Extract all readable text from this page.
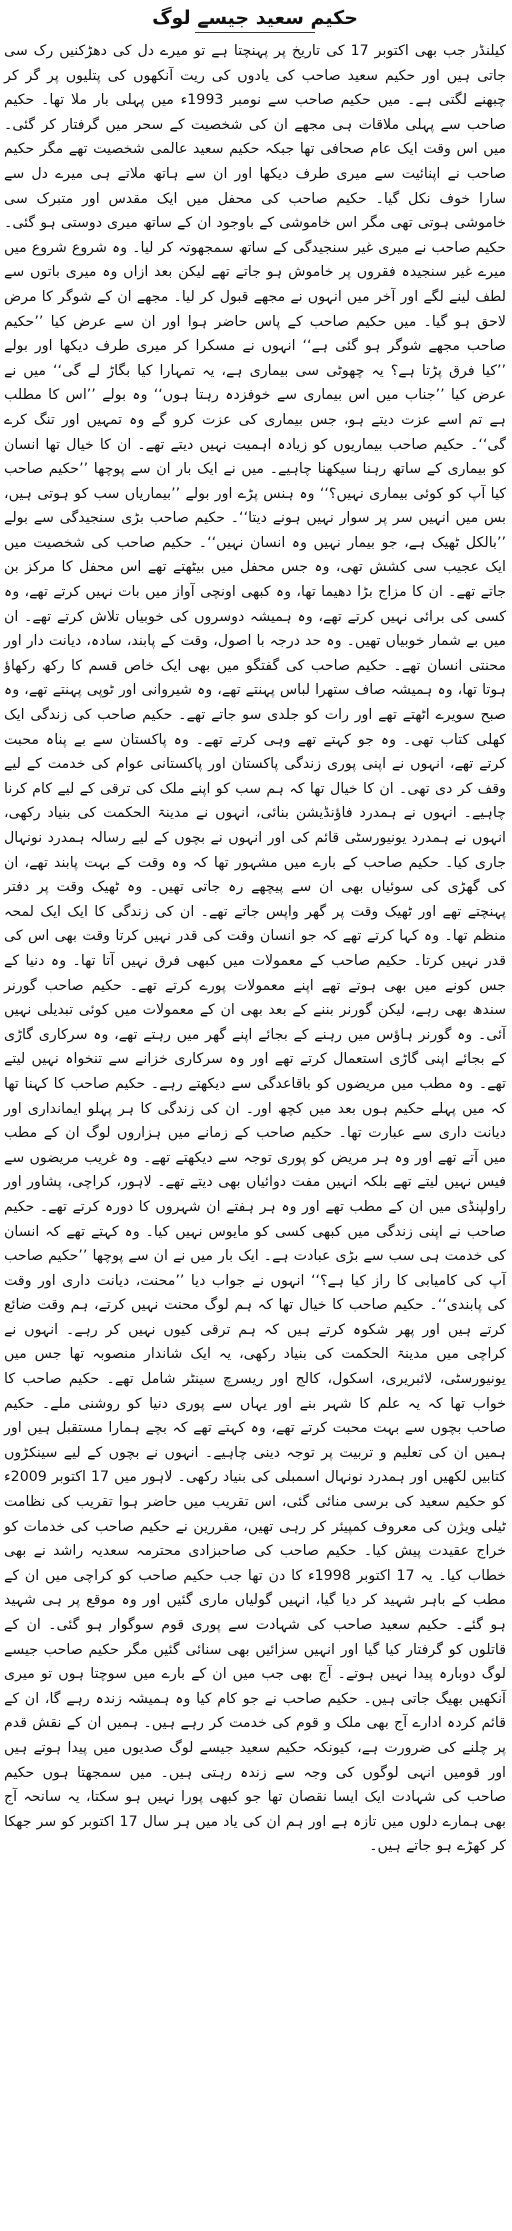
حکیم سعید جیسے لوگ

کیلنڈر جب بھی اکتوبر 17 کی تاریخ پر پہنچتا ہے تو میرے دل کی دھڑکنیں رک سی جاتی ہیں اور حکیم سعید صاحب کی یادوں کی ریت آنکھوں کی پتلیوں پر گر کر چبھنے لگتی ہے۔ میں حکیم صاحب سے نومبر 1993ء میں پہلی بار ملا تھا۔ حکیم صاحب سے پہلی ملاقات ہی مجھے ان کی شخصیت کے سحر میں گرفتار کر گئی۔ میں اس وقت ایک عام صحافی تھا جبکہ حکیم سعید عالمی شخصیت تھے مگر حکیم صاحب نے اپنائیت سے میری طرف دیکھا اور ان سے ہاتھ ملاتے ہی میرے دل سے سارا خوف نکل گیا۔ حکیم صاحب کی محفل میں ایک مقدس اور متبرک سی خاموشی ہوتی تھی مگر اس خاموشی کے باوجود ان کے ساتھ میری دوستی ہو گئی۔ حکیم صاحب نے میری غیر سنجیدگی کے ساتھ سمجھوتہ کر لیا۔ وہ شروع شروع میں میرے غیر سنجیدہ فقروں پر خاموش ہو جاتے تھے لیکن بعد ازاں وہ میری باتوں سے لطف لینے لگے اور آخر میں انہوں نے مجھے قبول کر لیا۔ مجھے ان کے شوگر کا مرض لاحق ہو گیا۔ میں حکیم صاحب کے پاس حاضر ہوا اور ان سے عرض کیا ’’حکیم صاحب مجھے شوگر ہو گئی ہے‘‘ انہوں نے مسکرا کر میری طرف دیکھا اور بولے ’’کیا فرق پڑتا ہے؟ یہ چھوٹی سی بیماری ہے، یہ تمہارا کیا بگاڑ لے گی‘‘ میں نے عرض کیا ’’جناب میں اس بیماری سے خوفزدہ رہتا ہوں‘‘ وہ بولے ’’اس کا مطلب ہے تم اسے عزت دیتے ہو، جس بیماری کی عزت کرو گے وہ تمہیں اور تنگ کرے گی‘‘۔ حکیم صاحب بیماریوں کو زیادہ اہمیت نہیں دیتے تھے۔ ان کا خیال تھا انسان کو بیماری کے ساتھ رہنا سیکھنا چاہیے۔ میں نے ایک بار ان سے پوچھا ’’حکیم صاحب کیا آپ کو کوئی بیماری نہیں؟‘‘ وہ ہنس پڑے اور بولے ’’بیماریاں سب کو ہوتی ہیں، بس میں انہیں سر پر سوار نہیں ہونے دیتا‘‘۔ حکیم صاحب بڑی سنجیدگی سے بولے ’’بالکل ٹھیک ہے، جو بیمار نہیں وہ انسان نہیں‘‘۔ حکیم صاحب کی شخصیت میں ایک عجیب سی کشش تھی، وہ جس محفل میں بیٹھتے تھے اس محفل کا مرکز بن جاتے تھے۔ ان کا مزاج بڑا دھیما تھا، وہ کبھی اونچی آواز میں بات نہیں کرتے تھے، وہ کسی کی برائی نہیں کرتے تھے، وہ ہمیشہ دوسروں کی خوبیاں تلاش کرتے تھے۔ ان میں بے شمار خوبیاں تھیں۔ وہ حد درجہ با اصول، وقت کے پابند، سادہ، دیانت دار اور محنتی انسان تھے۔ حکیم صاحب کی گفتگو میں بھی ایک خاص قسم کا رکھ رکھاؤ ہوتا تھا، وہ ہمیشہ صاف ستھرا لباس پہنتے تھے، وہ شیروانی اور ٹوپی پہنتے تھے، وہ صبح سویرے اٹھتے تھے اور رات کو جلدی سو جاتے تھے۔ حکیم صاحب کی زندگی ایک کھلی کتاب تھی۔ وہ جو کہتے تھے وہی کرتے تھے۔ وہ پاکستان سے بے پناہ محبت کرتے تھے، انہوں نے اپنی پوری زندگی پاکستان اور پاکستانی عوام کی خدمت کے لیے وقف کر دی تھی۔ ان کا خیال تھا کہ ہم سب کو اپنے ملک کی ترقی کے لیے کام کرنا چاہیے۔ انہوں نے ہمدرد فاؤنڈیشن بنائی، انہوں نے مدینۃ الحکمت کی بنیاد رکھی، انہوں نے ہمدرد یونیورسٹی قائم کی اور انہوں نے بچوں کے لیے رسالہ ہمدرد نونہال جاری کیا۔ حکیم صاحب کے بارے میں مشہور تھا کہ وہ وقت کے بہت پابند تھے، ان کی گھڑی کی سوئیاں بھی ان سے پیچھے رہ جاتی تھیں۔ وہ ٹھیک وقت پر دفتر پہنچتے تھے اور ٹھیک وقت پر گھر واپس جاتے تھے۔ ان کی زندگی کا ایک ایک لمحہ منظم تھا۔ وہ کہا کرتے تھے کہ جو انسان وقت کی قدر نہیں کرتا وقت بھی اس کی قدر نہیں کرتا۔ حکیم صاحب کے معمولات میں کبھی فرق نہیں آتا تھا۔ وہ دنیا کے جس کونے میں بھی ہوتے تھے اپنے معمولات پورے کرتے تھے۔ حکیم صاحب گورنر سندھ بھی رہے، لیکن گورنر بننے کے بعد بھی ان کے معمولات میں کوئی تبدیلی نہیں آئی۔ وہ گورنر ہاؤس میں رہنے کے بجائے اپنے گھر میں رہتے تھے، وہ سرکاری گاڑی کے بجائے اپنی گاڑی استعمال کرتے تھے اور وہ سرکاری خزانے سے تنخواہ نہیں لیتے تھے۔ وہ مطب میں مریضوں کو باقاعدگی سے دیکھتے رہے۔ حکیم صاحب کا کہنا تھا کہ میں پہلے حکیم ہوں بعد میں کچھ اور۔ ان کی زندگی کا ہر پہلو ایمانداری اور دیانت داری سے عبارت تھا۔ حکیم صاحب کے زمانے میں ہزاروں لوگ ان کے مطب میں آتے تھے اور وہ ہر مریض کو پوری توجہ سے دیکھتے تھے۔ وہ غریب مریضوں سے فیس نہیں لیتے تھے بلکہ انہیں مفت دوائیاں بھی دیتے تھے۔ لاہور، کراچی، پشاور اور راولپنڈی میں ان کے مطب تھے اور وہ ہر ہفتے ان شہروں کا دورہ کرتے تھے۔ حکیم صاحب نے اپنی زندگی میں کبھی کسی کو مایوس نہیں کیا۔ وہ کہتے تھے کہ انسان کی خدمت ہی سب سے بڑی عبادت ہے۔ ایک بار میں نے ان سے پوچھا ’’حکیم صاحب آپ کی کامیابی کا راز کیا ہے؟‘‘ انہوں نے جواب دیا ’’محنت، دیانت داری اور وقت کی پابندی‘‘۔ حکیم صاحب کا خیال تھا کہ ہم لوگ محنت نہیں کرتے، ہم وقت ضائع کرتے ہیں اور پھر شکوہ کرتے ہیں کہ ہم ترقی کیوں نہیں کر رہے۔ انہوں نے کراچی میں مدینۃ الحکمت کی بنیاد رکھی، یہ ایک شاندار منصوبہ تھا جس میں یونیورسٹی، لائبریری، اسکول، کالج اور ریسرچ سینٹر شامل تھے۔ حکیم صاحب کا خواب تھا کہ یہ علم کا شہر بنے اور یہاں سے پوری دنیا کو روشنی ملے۔ حکیم صاحب بچوں سے بہت محبت کرتے تھے، وہ کہتے تھے کہ بچے ہمارا مستقبل ہیں اور ہمیں ان کی تعلیم و تربیت پر توجہ دینی چاہیے۔ انہوں نے بچوں کے لیے سینکڑوں کتابیں لکھیں اور ہمدرد نونہال اسمبلی کی بنیاد رکھی۔ لاہور میں 17 اکتوبر 2009ء کو حکیم سعید کی برسی منائی گئی، اس تقریب میں حاضر ہوا تقریب کی نظامت ٹیلی ویژن کی معروف کمپیئر کر رہی تھیں، مقررین نے حکیم صاحب کی خدمات کو خراج عقیدت پیش کیا۔ حکیم صاحب کی صاحبزادی محترمہ سعدیہ راشد نے بھی خطاب کیا۔ یہ 17 اکتوبر 1998ء کا دن تھا جب حکیم صاحب کو کراچی میں ان کے مطب کے باہر شہید کر دیا گیا، انہیں گولیاں ماری گئیں اور وہ موقع پر ہی شہید ہو گئے۔ حکیم سعید صاحب کی شہادت سے پوری قوم سوگوار ہو گئی۔ ان کے قاتلوں کو گرفتار کیا گیا اور انہیں سزائیں بھی سنائی گئیں مگر حکیم صاحب جیسے لوگ دوبارہ پیدا نہیں ہوتے۔ آج بھی جب میں ان کے بارے میں سوچتا ہوں تو میری آنکھیں بھیگ جاتی ہیں۔ حکیم صاحب نے جو کام کیا وہ ہمیشہ زندہ رہے گا، ان کے قائم کردہ ادارے آج بھی ملک و قوم کی خدمت کر رہے ہیں۔ ہمیں ان کے نقش قدم پر چلنے کی ضرورت ہے، کیونکہ حکیم سعید جیسے لوگ صدیوں میں پیدا ہوتے ہیں اور قومیں انہی لوگوں کی وجہ سے زندہ رہتی ہیں۔ میں سمجھتا ہوں حکیم صاحب کی شہادت ایک ایسا نقصان تھا جو کبھی پورا نہیں ہو سکتا، یہ سانحہ آج بھی ہمارے دلوں میں تازہ ہے اور ہم ان کی یاد میں ہر سال 17 اکتوبر کو سر جھکا کر کھڑے ہو جاتے ہیں۔
